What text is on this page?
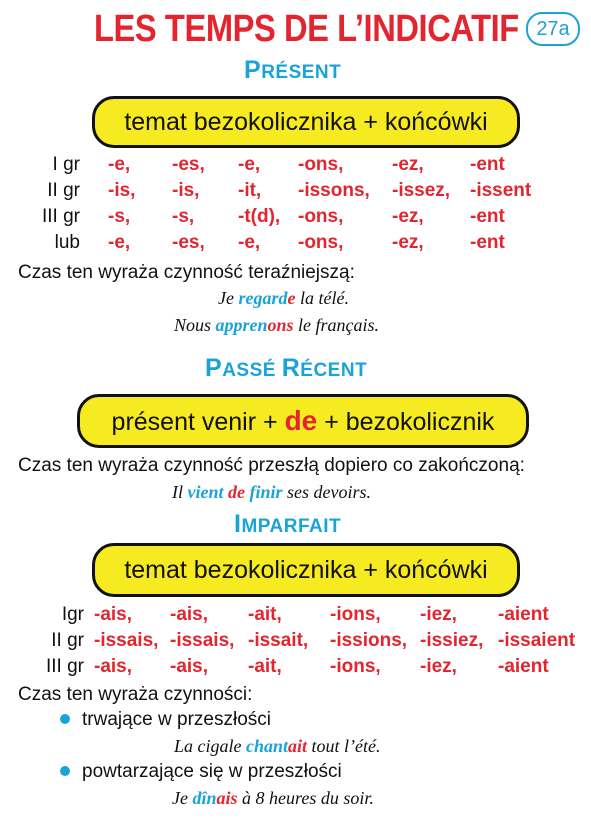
LES TEMPS DE L’INDICATIF 27a
PRÉSENT
temat bezokolicznika + końcówki
I gr -e, -es, -e, -ons,	-ez, -ent
II gr -is, -is, -it, -issons, -issez, -issent
III gr -s, -s, -t(d), -ons,	-ez, -ent
lub -e, -es, -e, -ons,	-ez, -ent
Czas ten wyraża czynność teraźniejszą:
Je regarde la télé.
Nous apprenons le français.
PASSÉ RÉCENT
présent venir + de + bezokolicznik
Czas ten wyraża czynność przeszłą dopiero co zakończoną:
Il vient de finir ses devoirs.
IMPARFAIT
temat bezokolicznika + końcówki
Igr -ais, -ais, -ait,	-ions, -iez, -aient
II gr -issais, -issais, -issait, -issions, -issiez, -issaient
III gr -ais, -ais, -ait,	-ions, -iez, -aient
Czas ten wyraża czynności:
trwające w przeszłości
La cigale chantait tout l’été.
powtarzające się w przeszłości
Je dînais à 8 heures du soir.
